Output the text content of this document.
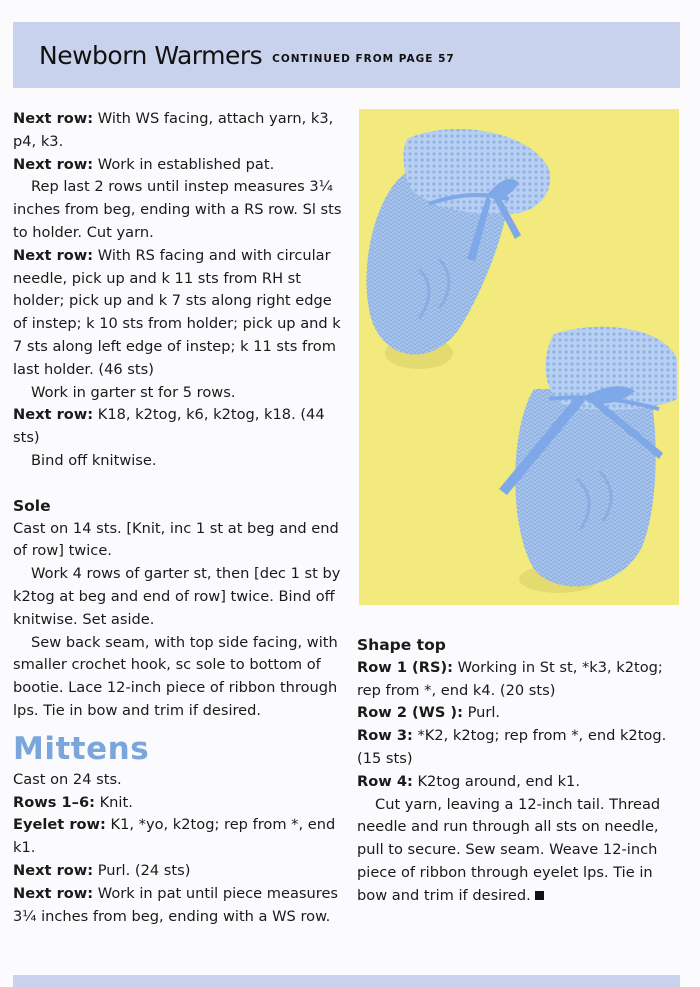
Newborn Warmers CONTINUED FROM PAGE 57

Next row: With WS facing, attach yarn, k3, p4, k3.

Next row: Work in established pat.

Rep last 2 rows until instep measures 3¼ inches from beg, ending with a RS row. Sl sts to holder. Cut yarn.

Next row: With RS facing and with circular needle, pick up and k 11 sts from RH st holder; pick up and k 7 sts along right edge of instep; k 10 sts from holder; pick up and k 7 sts along left edge of instep; k 11 sts from last holder. (46 sts)

Work in garter st for 5 rows.

Next row: K18, k2tog, k6, k2tog, k18. (44 sts)

Bind off knitwise.

Sole

Cast on 14 sts. [Knit, inc 1 st at beg and end of row] twice.

Work 4 rows of garter st, then [dec 1 st by k2tog at beg and end of row] twice. Bind off knitwise. Set aside.

Sew back seam, with top side facing, with smaller crochet hook, sc sole to bottom of bootie. Lace 12-inch piece of ribbon through lps. Tie in bow and trim if desired.

Mittens

Cast on 24 sts.

Rows 1–6: Knit.

Eyelet row: K1, *yo, k2tog; rep from *, end k1.

Next row: Purl. (24 sts)

Next row: Work in pat until piece measures 3¼ inches from beg, ending with a WS row.

Shape top

Row 1 (RS): Working in St st, *k3, k2tog; rep from *, end k4. (20 sts)

Row 2 (WS ): Purl.

Row 3: *K2, k2tog; rep from *, end k2tog. (15 sts)

Row 4: K2tog around, end k1.

Cut yarn, leaving a 12-inch tail. Thread needle and run through all sts on needle, pull to secure. Sew seam. Weave 12-inch piece of ribbon through eyelet lps. Tie in bow and trim if desired.
